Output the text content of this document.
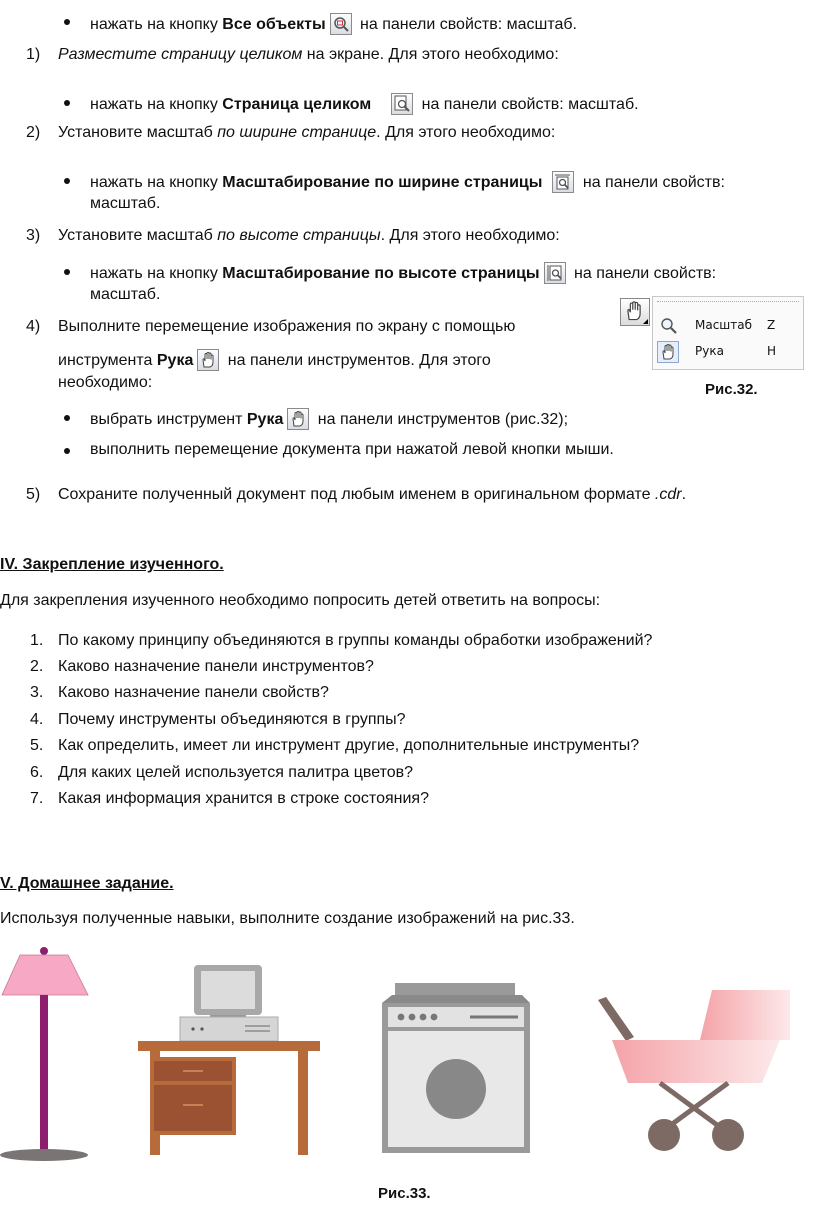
нажать на кнопку Все объекты
на панели свойств: масштаб.
1) Разместите страницу целиком на экране. Для этого необходимо:
нажать на кнопку Страница целиком	на панели свойств: масштаб.
2) Установите масштаб по ширине странице. Для этого необходимо:
нажать на кнопку Масштабирование по ширине страницы
на панели свойств:
масштаб.
3) Установите масштаб по высоте страницы. Для этого необходимо:
нажать на кнопку Масштабирование по высоте страницы
на панели свойств:
масштаб.
4) Выполните перемещение изображения по экрану с помощью
инструмента Рука
на панели инструментов. Для этого
необходимо:
Масштаб Z
Рука	H
Рис.32.
выбрать инструмент Рука
на панели инструментов (рис.32);
выполнить перемещение документа при нажатой левой кнопки мыши.
5) Сохраните полученный документ под любым именем в оригинальном формате .cdr.
IV. Закрепление изученного.
Для закрепления изученного необходимо попросить детей ответить на вопросы:
1. По какому принципу объединяются в группы команды обработки изображений?
2. Каково назначение панели инструментов?
3. Каково назначение панели свойств?
4. Почему инструменты объединяются в группы?
5. Как определить, имеет ли инструмент другие, дополнительные инструменты?
6. Для каких целей используется палитра цветов?
7. Какая информация хранится в строке состояния?
V. Домашнее задание.
Используя полученные навыки, выполните создание изображений на рис.33.
Рис.33.
